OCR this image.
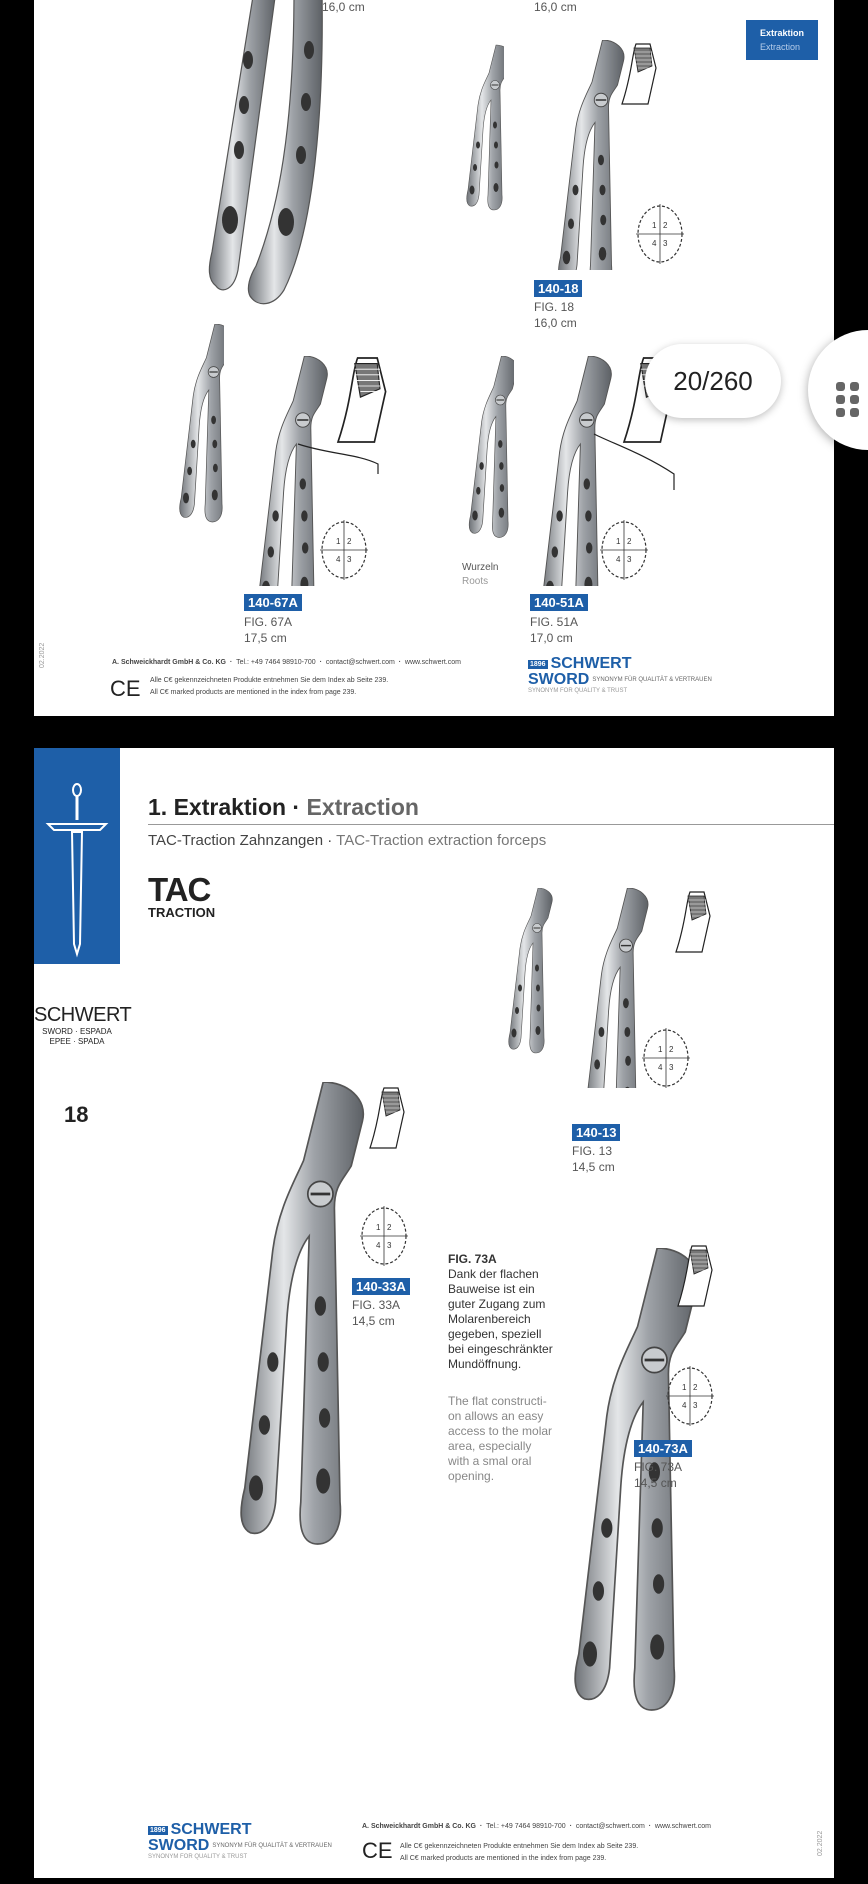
Extraktion
Extraction
16,0 cm	16,0 cm
140-18
FIG. 18
16,0 cm
140-67A
FIG. 67A
17,5 cm
Wurzeln
Roots
140-51A
FIG. 51A
17,0 cm
02.2022	A. Schweickhardt GmbH & Co. KG  ·  Tel.: +49 7464 98910-700  ·  contact@schwert.com  ·  www.schwert.com
CE Alle C€ gekennzeichneten Produkte entnehmen Sie dem Index ab Seite 239.
All C€ marked products are mentioned in the index from page 239.
1896 SCHWERT
SWORD SYNONYM FÜR QUALITÄT & VERTRAUEN
SYNONYM FOR QUALITY & TRUST
SCHWERT
SWORD · ESPADA
EPEE · SPADA
18
1. Extraktion · Extraction
TAC-Traction Zahnzangen · TAC-Traction extraction forceps
TAC
TRACTION
140-13
FIG. 13
14,5 cm
140-33A
FIG. 33A
14,5 cm
FIG. 73A
Dank der flachen
Bauweise ist ein
guter Zugang zum
Molarenbereich
gegeben, speziell
bei eingeschränkter
Mundöffnung.
The flat constructi-
on allows an easy
access to the molar
area, especially
with a smal oral
opening.
140-73A
FIG. 73A
14,5 cm
1896 SCHWERT
SWORD SYNONYM FÜR QUALITÄT & VERTRAUEN
SYNONYM FOR QUALITY & TRUST
A. Schweickhardt GmbH & Co. KG  ·  Tel.: +49 7464 98910-700  ·  contact@schwert.com  ·  www.schwert.com
CE Alle C€ gekennzeichneten Produkte entnehmen Sie dem Index ab Seite 239.
All C€ marked products are mentioned in the index from page 239.
02.2022
20/260
